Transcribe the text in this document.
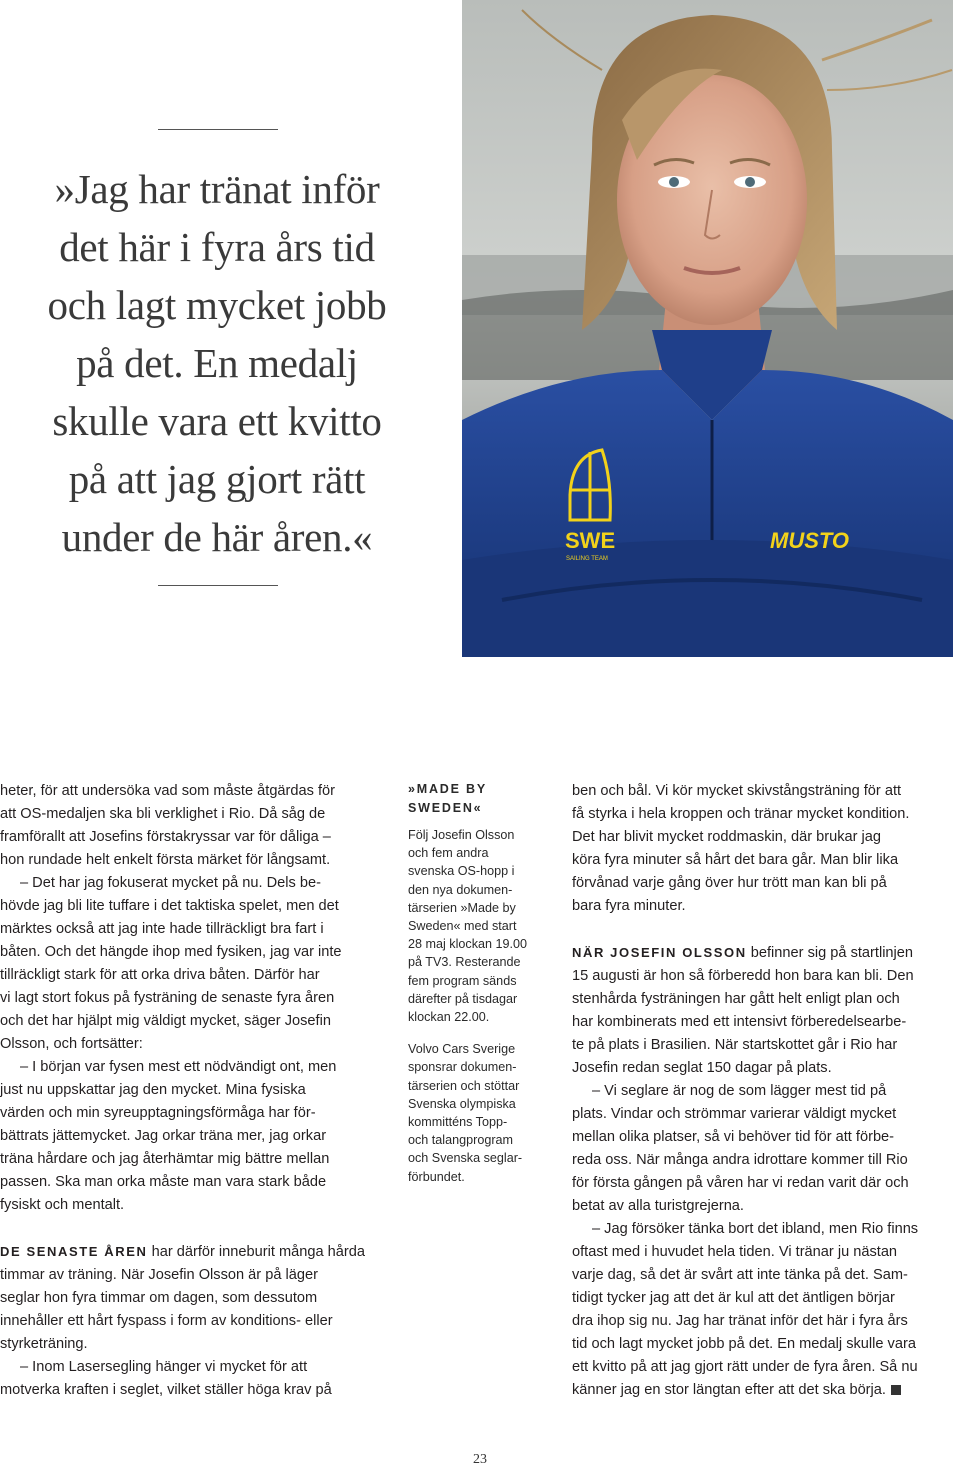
»Jag har tränat inför
det här i fyra års tid
och lagt mycket jobb
på det. En medalj
skulle vara ett kvitto
på att jag gjort rätt
under de här åren.«	SWE
SAILING TEAM
MUSTO
heter, för att undersöka vad som måste åtgärdas för
att OS-medaljen ska bli verklighet i Rio. Då såg de
framförallt att Josefins förstakryssar var för dåliga –
hon rundade helt enkelt första märket för långsamt.
– Det har jag fokuserat mycket på nu. Dels be-
hövde jag bli lite tuffare i det taktiska spelet, men det
märktes också att jag inte hade tillräckligt bra fart i
båten. Och det hängde ihop med fysiken, jag var inte
tillräckligt stark för att orka driva båten. Därför har
vi lagt stort fokus på fysträning de senaste fyra åren
och det har hjälpt mig väldigt mycket, säger Josefin
Olsson, och fortsätter:
– I början var fysen mest ett nödvändigt ont, men
just nu uppskattar jag den mycket. Mina fysiska
värden och min syreupptagningsförmåga har för-
bättrats jättemycket. Jag orkar träna mer, jag orkar
träna hårdare och jag återhämtar mig bättre mellan
passen. Ska man orka måste man vara stark både
fysiskt och mentalt.
DE SENASTE ÅREN har därför inneburit många hårda
timmar av träning. När Josefin Olsson är på läger
seglar hon fyra timmar om dagen, som dessutom
innehåller ett hårt fyspass i form av konditions- eller
styrketräning.
– Inom Lasersegling hänger vi mycket för att
motverka kraften i seglet, vilket ställer höga krav på
»MADE BY
SWEDEN«
Följ Josefin Olsson
och fem andra
svenska OS-hopp i
den nya dokumen-
tärserien »Made by
Sweden« med start
28 maj klockan 19.00
på TV3. Resterande
fem program sänds
därefter på tisdagar
klockan 22.00.
Volvo Cars Sverige
sponsrar dokumen-
tärserien och stöttar
Svenska olympiska
kommitténs Topp-
och talangprogram
och Svenska seglar-
förbundet.
ben och bål. Vi kör mycket skivstångsträning för att
få styrka i hela kroppen och tränar mycket kondition.
Det har blivit mycket roddmaskin, där brukar jag
köra fyra minuter så hårt det bara går. Man blir lika
förvånad varje gång över hur trött man kan bli på
bara fyra minuter.
NÄR JOSEFIN OLSSON befinner sig på startlinjen
15 augusti är hon så förberedd hon bara kan bli. Den
stenhårda fysträningen har gått helt enligt plan och
har kombinerats med ett intensivt förberedelsearbe-
te på plats i Brasilien. När startskottet går i Rio har
Josefin redan seglat 150 dagar på plats.
– Vi seglare är nog de som lägger mest tid på
plats. Vindar och strömmar varierar väldigt mycket
mellan olika platser, så vi behöver tid för att förbe-
reda oss. När många andra idrottare kommer till Rio
för första gången på våren har vi redan varit där och
betat av alla turistgrejerna.
– Jag försöker tänka bort det ibland, men Rio finns
oftast med i huvudet hela tiden. Vi tränar ju nästan
varje dag, så det är svårt att inte tänka på det. Sam-
tidigt tycker jag att det är kul att det äntligen börjar
dra ihop sig nu. Jag har tränat inför det här i fyra års
tid och lagt mycket jobb på det. En medalj skulle vara
ett kvitto på att jag gjort rätt under de fyra åren. Så nu
känner jag en stor längtan efter att det ska börja.
23
